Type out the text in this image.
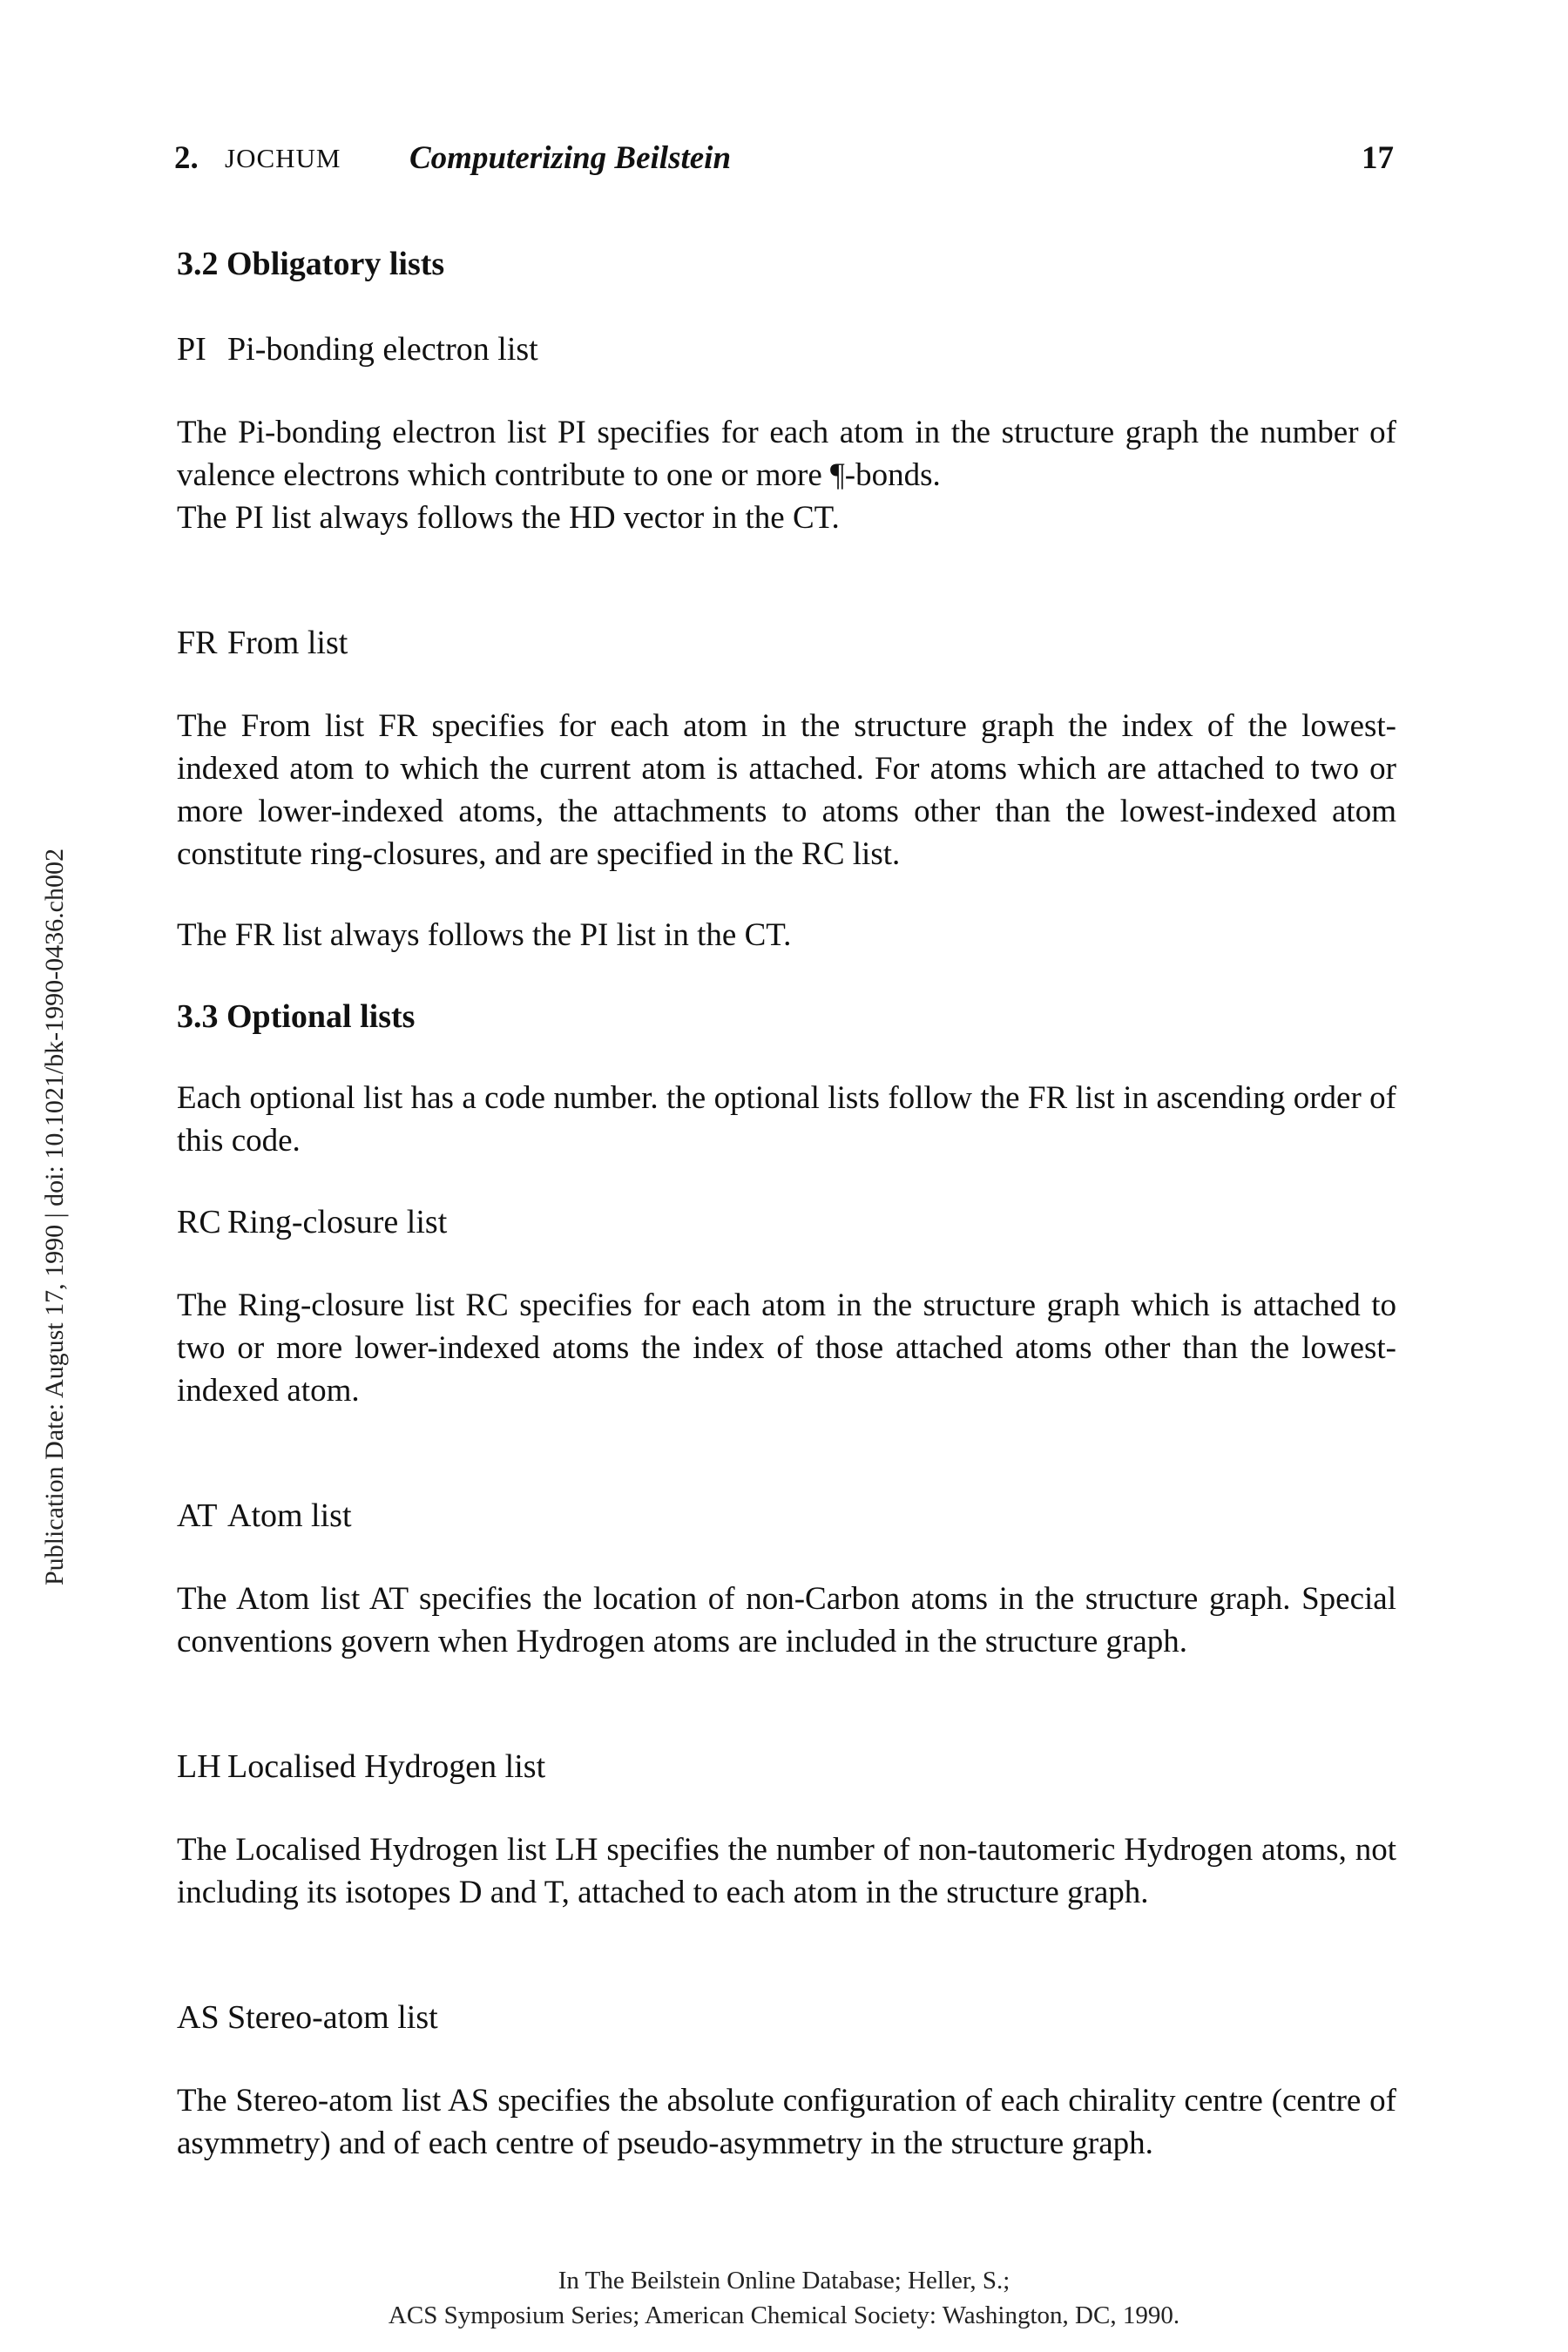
2. JOCHUM Computerizing Beilstein	17
Publication Date: August 17, 1990 | doi: 10.1021/bk-1990-0436.ch002
3.2 Obligatory lists

PI Pi-bonding electron list

The Pi-bonding electron list PI specifies for each atom in the structure graph the number of valence electrons which contribute to one or more ¶-bonds.

The PI list always follows the HD vector in the CT.

FR From list

The From list FR specifies for each atom in the structure graph the index of the lowest-indexed atom to which the current atom is attached. For atoms which are attached to two or more lower-indexed atoms, the attachments to atoms other than the lowest-indexed atom constitute ring-closures, and are specified in the RC list.

The FR list always follows the PI list in the CT.

3.3 Optional lists

Each optional list has a code number. the optional lists follow the FR list in ascending order of this code.

RC Ring-closure list

The Ring-closure list RC specifies for each atom in the structure graph which is attached to two or more lower-indexed atoms the index of those attached atoms other than the lowest-indexed atom.

AT Atom list

The Atom list AT specifies the location of non-Carbon atoms in the structure graph. Special conventions govern when Hydrogen atoms are included in the structure graph.

LH Localised Hydrogen list

The Localised Hydrogen list LH specifies the number of non-tautomeric Hydrogen atoms, not including its isotopes D and T, attached to each atom in the structure graph.

AS Stereo-atom list

The Stereo-atom list AS specifies the absolute configuration of each chirality centre (centre of asymmetry) and of each centre of pseudo-asymmetry in the structure graph.

In The Beilstein Online Database; Heller, S.;
ACS Symposium Series; American Chemical Society: Washington, DC, 1990.
